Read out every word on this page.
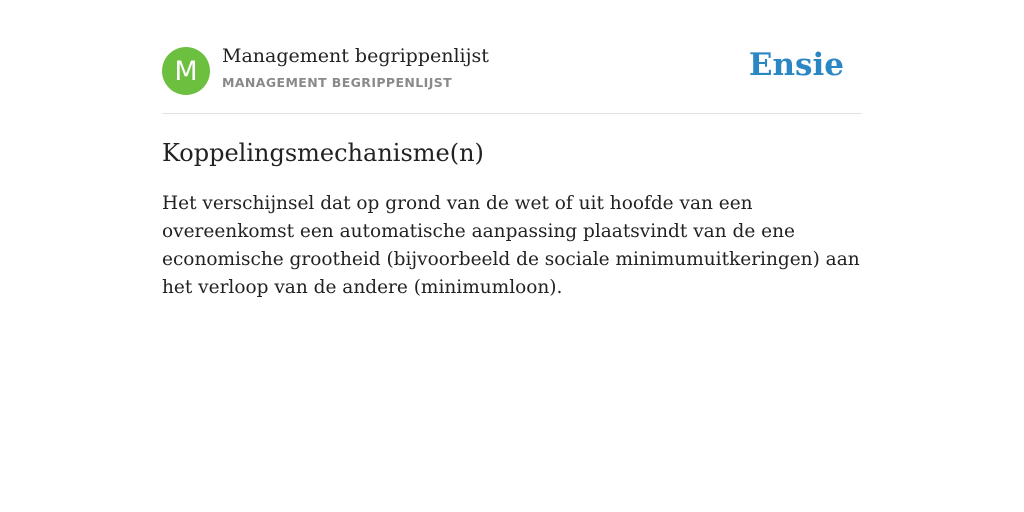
M	Management begrippenlijst
MANAGEMENT BEGRIPPENLIJST	Ensie
Koppelingsmechanisme(n)

Het verschijnsel dat op grond van de wet of uit hoofde van een overeenkomst een automatische aanpassing plaatsvindt van de ene economische grootheid (bijvoorbeeld de sociale minimumuitkeringen) aan het verloop van de andere (minimumloon).
